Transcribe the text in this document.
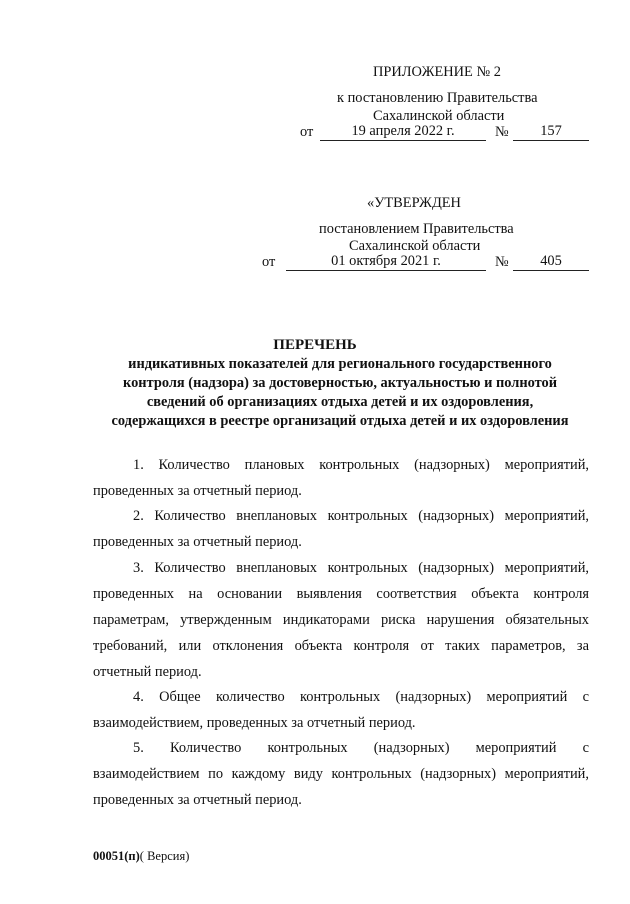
ПРИЛОЖЕНИЕ № 2
к постановлению Правительства
Сахалинской области
от	19 апреля 2022 г.	№	157
«УТВЕРЖДЕН
постановлением Правительства
Сахалинской области
от	01 октября 2021 г.	№	405
ПЕРЕЧЕНЬ
индикативных показателей для регионального государственного
контроля (надзора) за достоверностью, актуальностью и полнотой
сведений об организациях отдыха детей и их оздоровления,
содержащихся в реестре организаций отдыха детей и их оздоровления
1. Количество плановых контрольных (надзорных) мероприятий,
проведенных за отчетный период.
2. Количество внеплановых контрольных (надзорных) мероприятий,
проведенных за отчетный период.
3. Количество внеплановых контрольных (надзорных) мероприятий,
проведенных на основании выявления соответствия объекта контроля
параметрам, утвержденным индикаторами риска нарушения обязательных
требований, или отклонения объекта контроля от таких параметров, за
отчетный период.
4. Общее количество контрольных (надзорных) мероприятий с
взаимодействием, проведенных за отчетный период.
5. Количество контрольных (надзорных) мероприятий с
взаимодействием по каждому виду контрольных (надзорных) мероприятий,
проведенных за отчетный период.
00051(п)( Версия)
